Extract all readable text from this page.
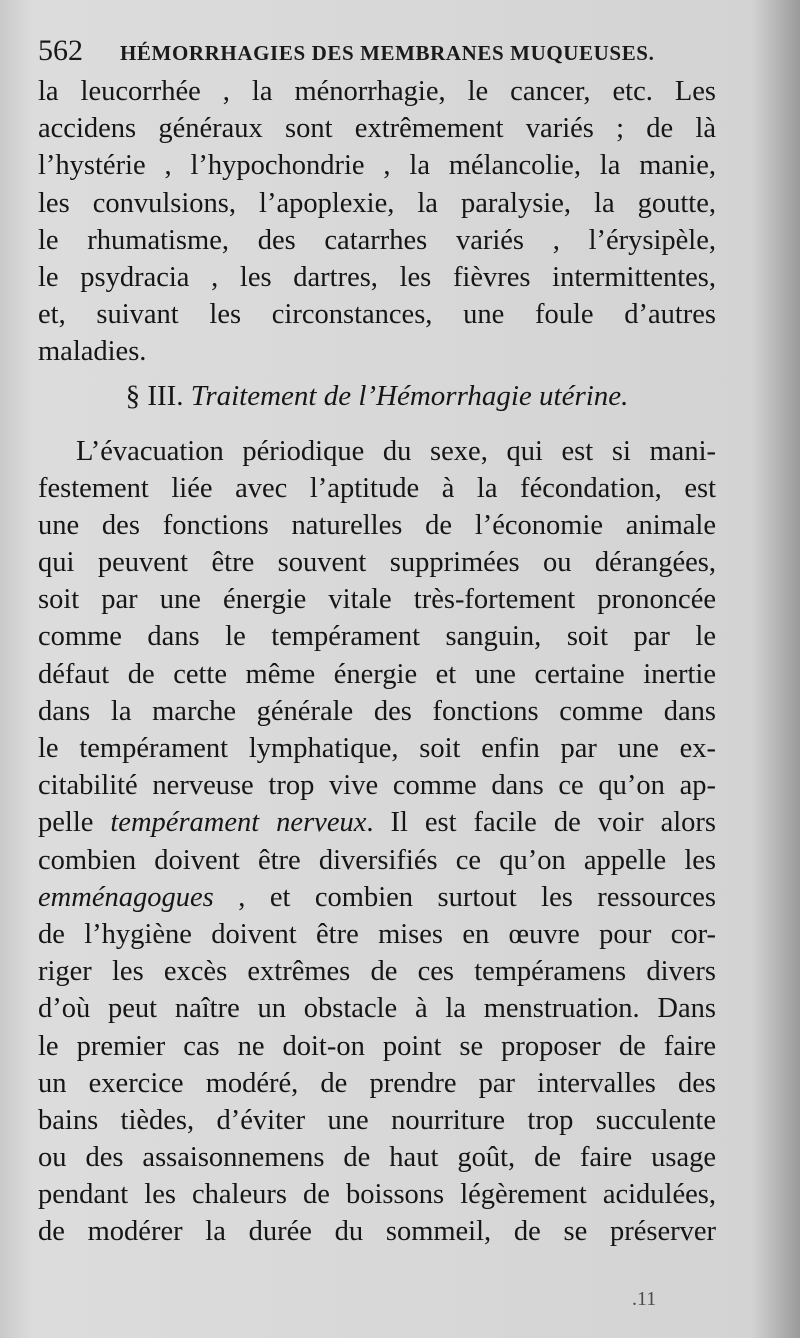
562 HÉMORRHAGIES DES MEMBRANES MUQUEUSES.
la leucorrhée , la ménorrhagie, le cancer, etc. Les
accidens généraux sont extrêmement variés ; de là
l’hystérie , l’hypochondrie , la mélancolie, la manie,
les convulsions, l’apoplexie, la paralysie, la goutte,
le rhumatisme, des catarrhes variés , l’érysipèle,
le psydracia , les dartres, les fièvres intermittentes,
et, suivant les circonstances, une foule d’autres
maladies.
§ III. Traitement de l’Hémorrhagie utérine.
L’évacuation périodique du sexe, qui est si mani-
festement liée avec l’aptitude à la fécondation, est
une des fonctions naturelles de l’économie animale
qui peuvent être souvent supprimées ou dérangées,
soit par une énergie vitale très-fortement prononcée
comme dans le tempérament sanguin, soit par le
défaut de cette même énergie et une certaine inertie
dans la marche générale des fonctions comme dans
le tempérament lymphatique, soit enfin par une ex-
citabilité nerveuse trop vive comme dans ce qu’on ap-
pelle tempérament nerveux. Il est facile de voir alors
combien doivent être diversifiés ce qu’on appelle les
emménagogues , et combien surtout les ressources
de l’hygiène doivent être mises en œuvre pour cor-
riger les excès extrêmes de ces tempéramens divers
d’où peut naître un obstacle à la menstruation. Dans
le premier cas ne doit-on point se proposer de faire
un exercice modéré, de prendre par intervalles des
bains tièdes, d’éviter une nourriture trop succulente
ou des assaisonnemens de haut goût, de faire usage
pendant les chaleurs de boissons légèrement acidulées,
de modérer la durée du sommeil, de se préserver
.11
